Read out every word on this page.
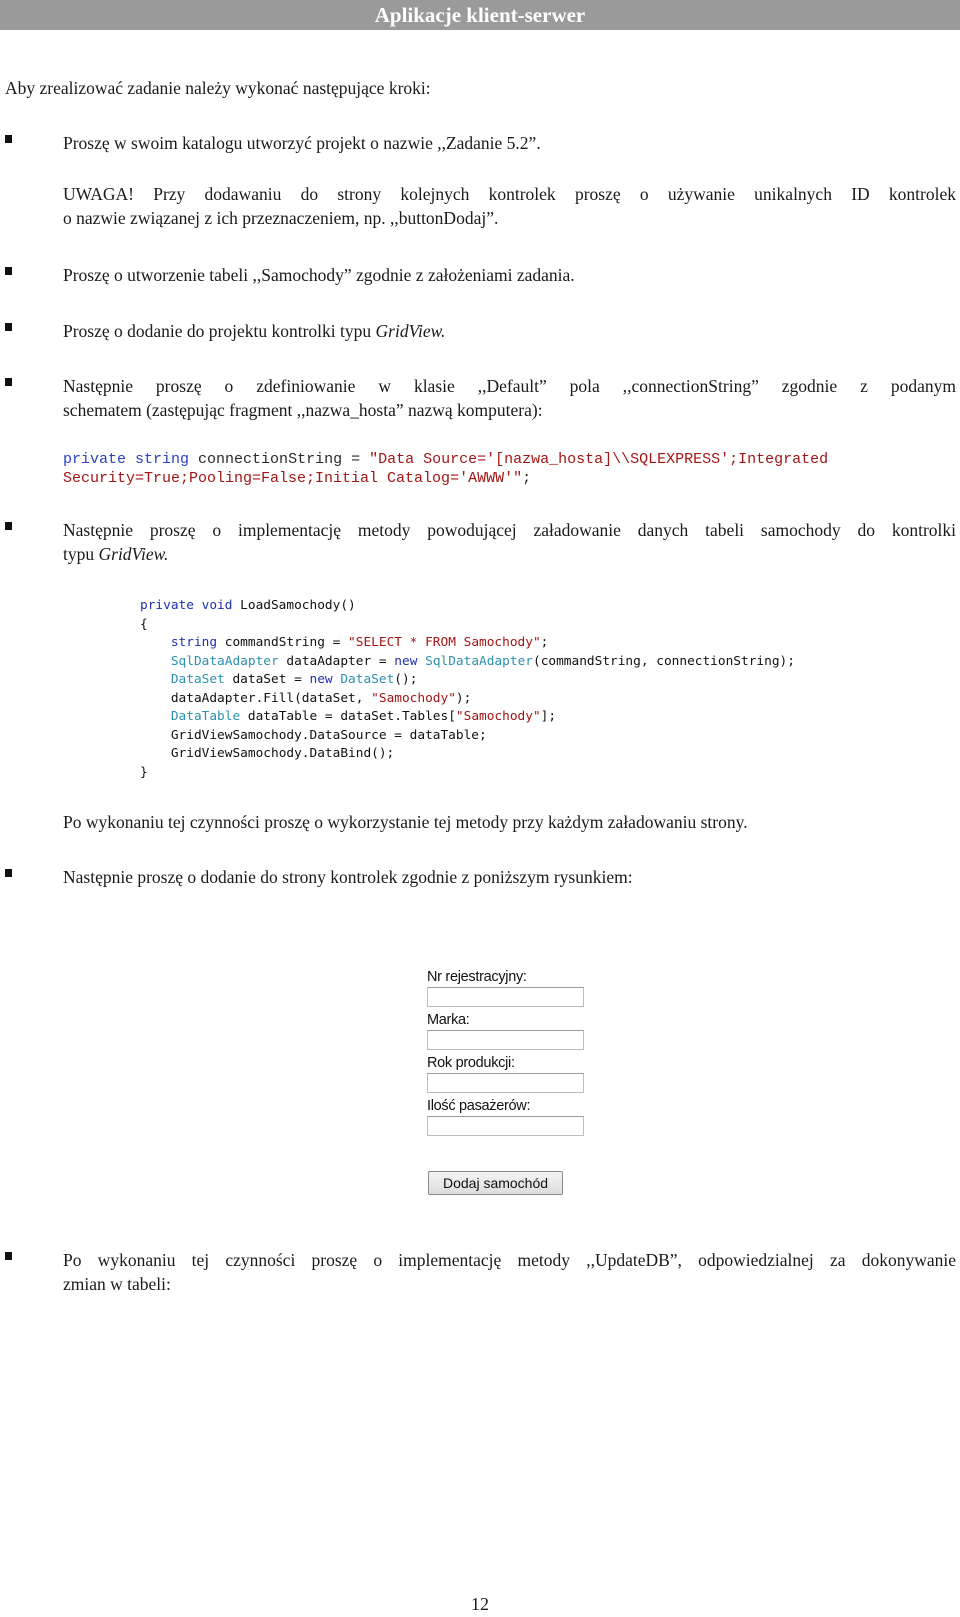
Aplikacje klient-serwer
Aby zrealizować zadanie należy wykonać następujące kroki:
Proszę w swoim katalogu utworzyć projekt o nazwie ,,Zadanie 5.2”.
UWAGA! Przy dodawaniu do strony kolejnych kontrolek proszę o używanie unikalnych ID kontrolek
o nazwie związanej z ich przeznaczeniem, np. ,,buttonDodaj”.
Proszę o utworzenie tabeli ,,Samochody” zgodnie z założeniami zadania.
Proszę o dodanie do projektu kontrolki typu GridView.
Następnie proszę o zdefiniowanie w klasie ,,Default” pola ,,connectionString” zgodnie z podanym
schematem (zastępując fragment ,,nazwa_hosta” nazwą komputera):
private string connectionString = "Data Source='[nazwa_hosta]\\SQLEXPRESS';Integrated
Security=True;Pooling=False;Initial Catalog='AWWW'";
Następnie proszę o implementację metody powodującej załadowanie danych tabeli samochody do kontrolki
typu GridView.
private void LoadSamochody()
{
string commandString = "SELECT * FROM Samochody";
SqlDataAdapter dataAdapter = new SqlDataAdapter(commandString, connectionString);
DataSet dataSet = new DataSet();
dataAdapter.Fill(dataSet, "Samochody");
DataTable dataTable = dataSet.Tables["Samochody"];
GridViewSamochody.DataSource = dataTable;
GridViewSamochody.DataBind();
}
Po wykonaniu tej czynności proszę o wykorzystanie tej metody przy każdym załadowaniu strony.
Następnie proszę o dodanie do strony kontrolek zgodnie z poniższym rysunkiem:
Nr rejestracyjny:
Marka:
Rok produkcji:
Ilość pasażerów:
Dodaj samochód
Po wykonaniu tej czynności proszę o implementację metody ,,UpdateDB”, odpowiedzialnej za dokonywanie
zmian w tabeli:
12
